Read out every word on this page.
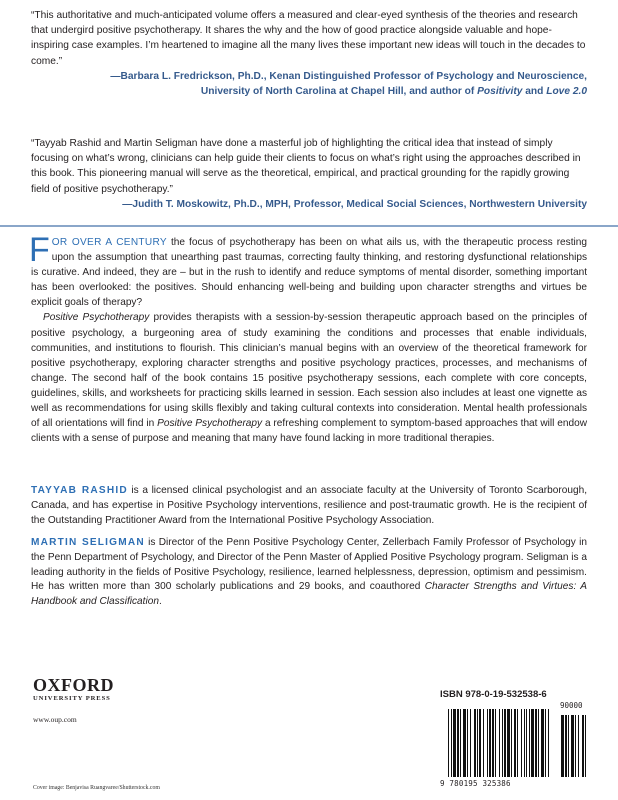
“This authoritative and much-anticipated volume offers a measured and clear-eyed synthesis of the theories and research that undergird positive psychotherapy. It shares the why and the how of good practice alongside valuable and hope-inspiring case examples. I’m heartened to imagine all the many lives these important new ideas will touch in the decades to come.”

—Barbara L. Fredrickson, Ph.D., Kenan Distinguished Professor of Psychology and Neuroscience,
University of North Carolina at Chapel Hill, and author of Positivity and Love 2.0

“Tayyab Rashid and Martin Seligman have done a masterful job of highlighting the critical idea that instead of simply focusing on what’s wrong, clinicians can help guide their clients to focus on what’s right using the approaches described in this book. This pioneering manual will serve as the theoretical, empirical, and practical grounding for the rapidly growing field of positive psychotherapy.”

—Judith T. Moskowitz, Ph.D., MPH, Professor, Medical Social Sciences, Northwestern University

FOR OVER A CENTURY the focus of psychotherapy has been on what ails us, with the therapeutic process resting upon the assumption that unearthing past traumas, correcting faulty thinking, and restoring dysfunctional relationships is curative. And indeed, they are – but in the rush to identify and reduce symptoms of mental disorder, something important has been overlooked: the positives. Should enhancing well-being and building upon character strengths and virtues be explicit goals of therapy?

Positive Psychotherapy provides therapists with a session-by-session therapeutic approach based on the principles of positive psychology, a burgeoning area of study examining the conditions and processes that enable individuals, communities, and institutions to flourish. This clinician’s manual begins with an overview of the theoretical framework for positive psychotherapy, exploring character strengths and positive psychology practices, processes, and mechanisms of change. The second half of the book contains 15 positive psychotherapy sessions, each complete with core concepts, guidelines, skills, and worksheets for practicing skills learned in session. Each session also includes at least one vignette as well as recommendations for using skills flexibly and taking cultural contexts into consideration. Mental health professionals of all orientations will find in Positive Psychotherapy a refreshing complement to symptom-based approaches that will endow clients with a sense of purpose and meaning that many have found lacking in more traditional therapies.

TAYYAB RASHID is a licensed clinical psychologist and an associate faculty at the University of Toronto Scarborough, Canada, and has expertise in Positive Psychology interventions, resilience and post-traumatic growth. He is the recipient of the Outstanding Practitioner Award from the International Positive Psychology Association.

MARTIN SELIGMAN is Director of the Penn Positive Psychology Center, Zellerbach Family Professor of Psychology in the Penn Department of Psychology, and Director of the Penn Master of Applied Positive Psychology program. Seligman is a leading authority in the fields of Positive Psychology, resilience, learned helplessness, depression, optimism and pessimism. He has written more than 300 scholarly publications and 29 books, and coauthored Character Strengths and Virtues: A Handbook and Classification.

OXFORD
UNIVERSITY PRESS
www.oup.com
ISBN 978-0-19-532538-6
9 780195 325386
90000
Cover image: Benjavisa Ruangvaree/Shutterstock.com
